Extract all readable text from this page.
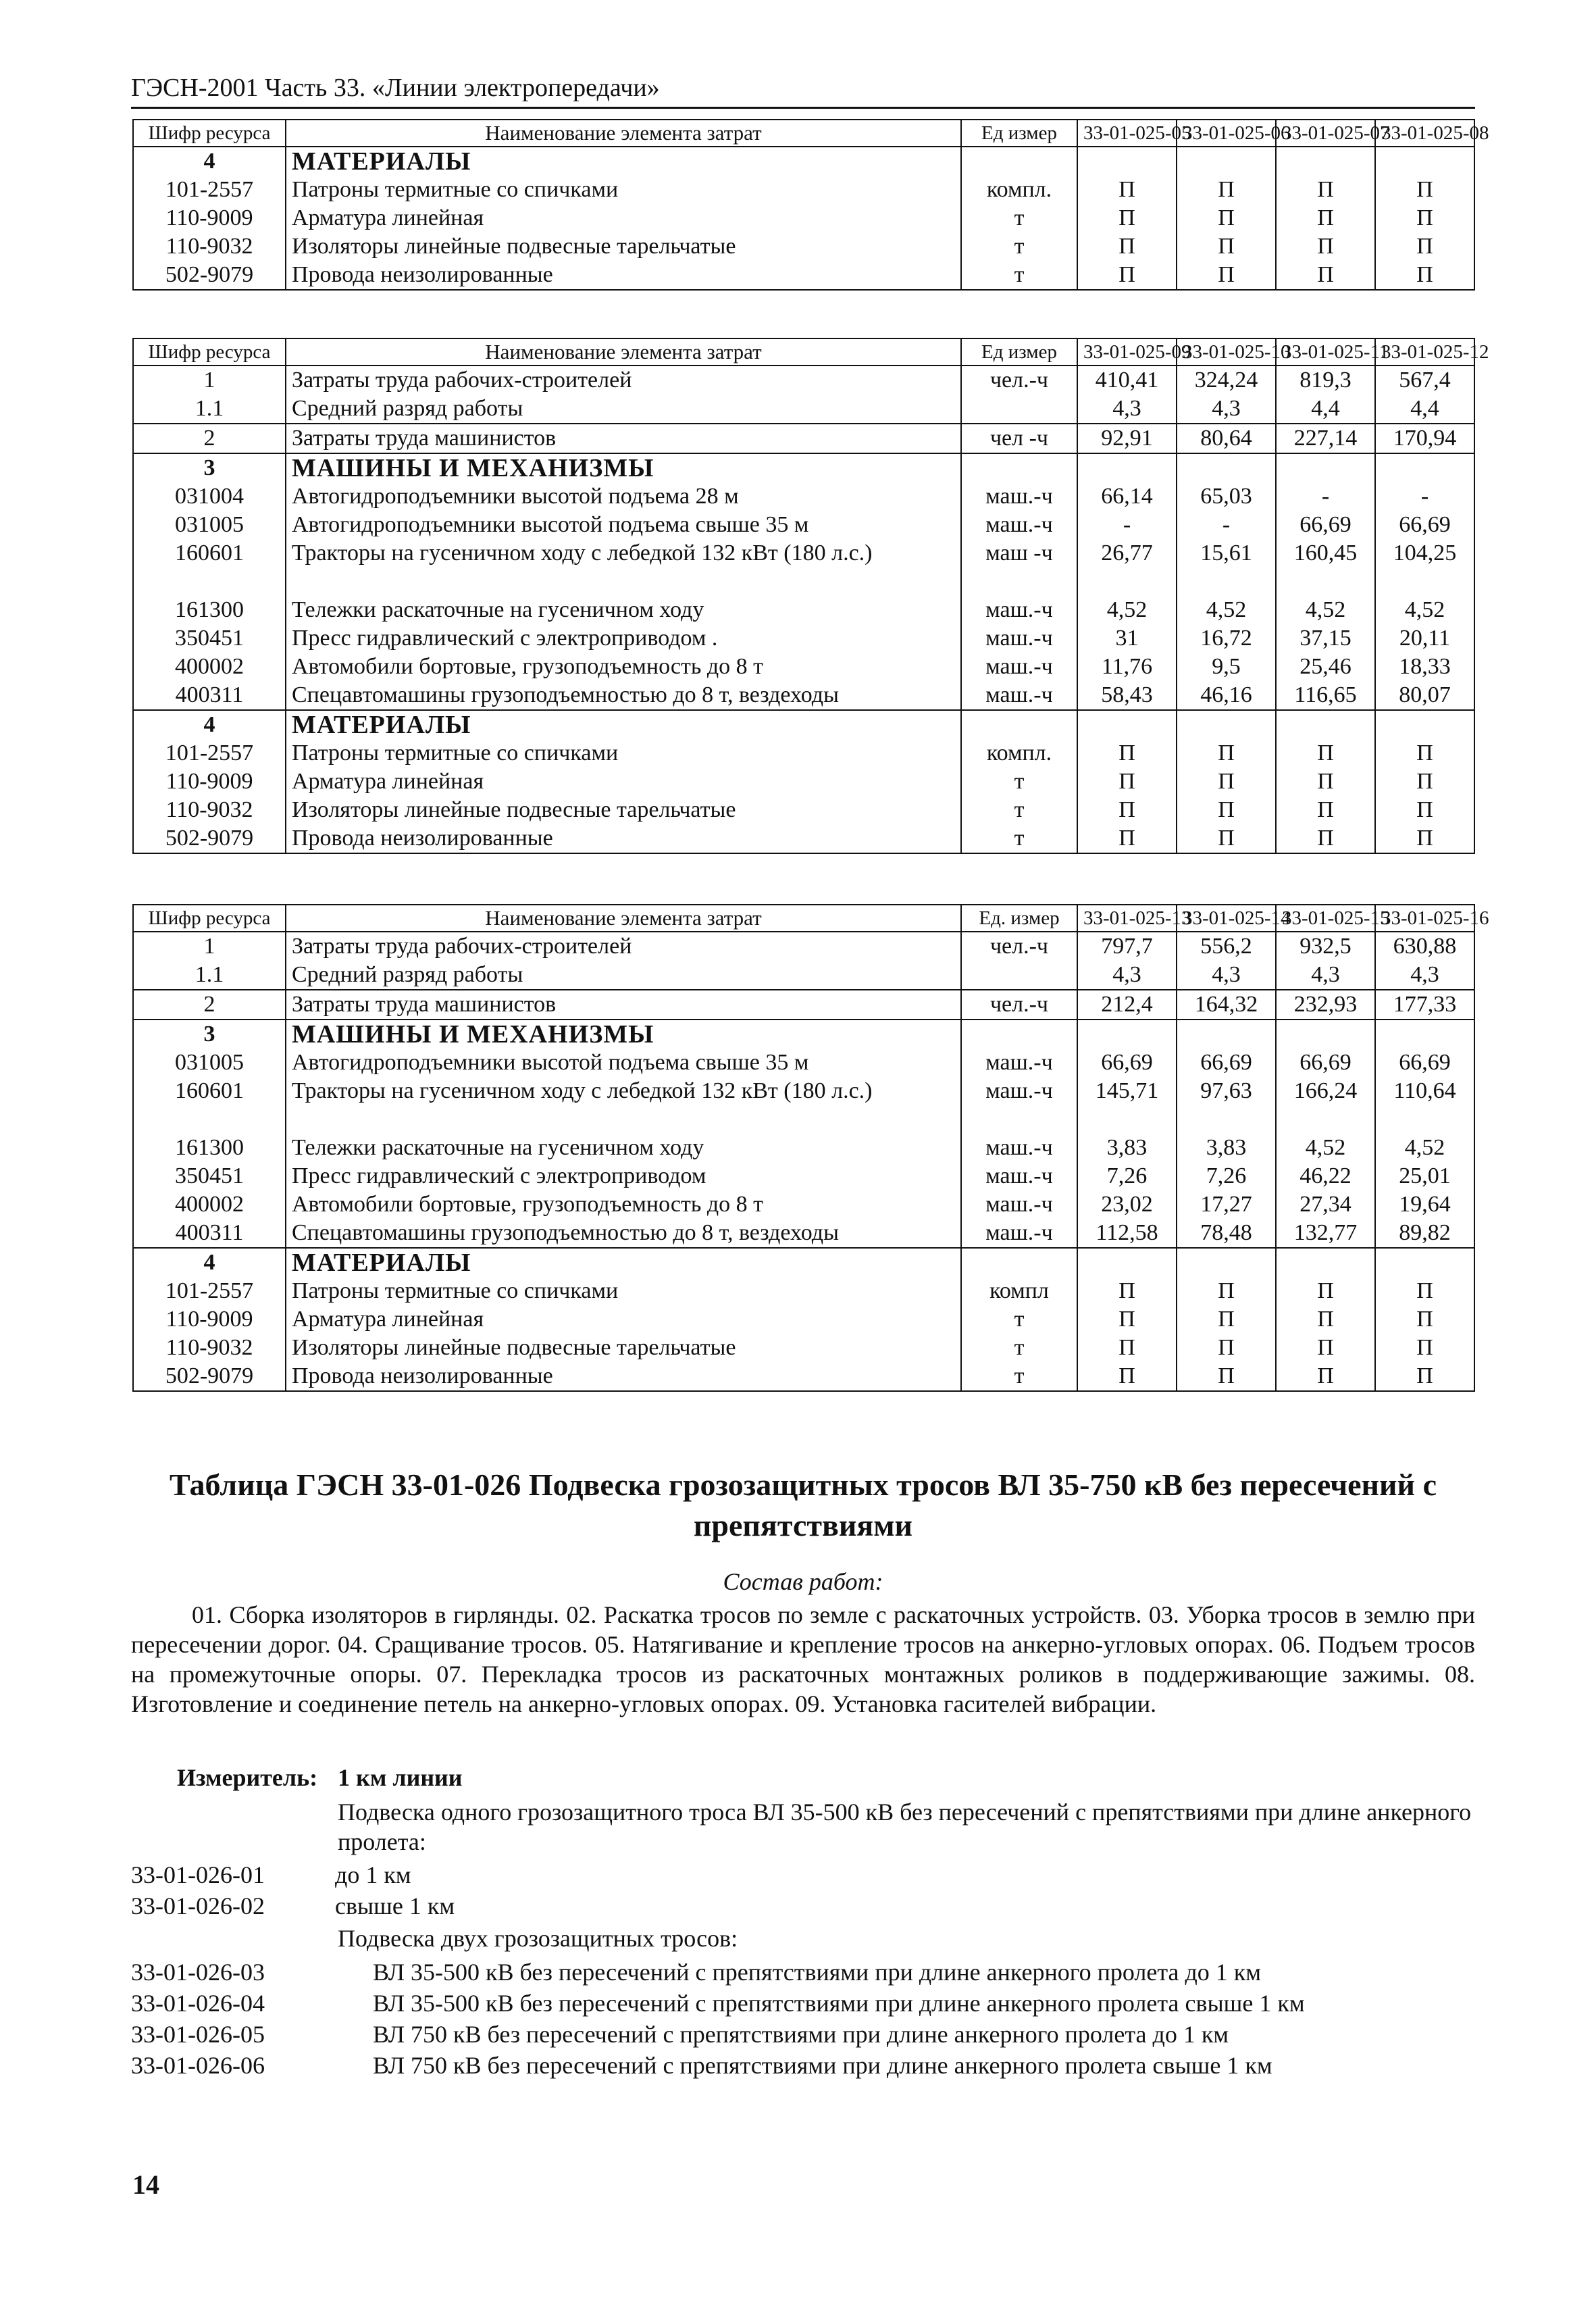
ГЭСН-2001 Часть 33. «Линии электропередачи»
Шифр ресурса	Наименование элемента затрат	Ед измер	33-01-025-05	33-01-025-06	33-01-025-07	33-01-025-08
4	МАТЕРИАЛЫ					
101-2557	Патроны термитные со спичками	компл.	П	П	П	П
110-9009	Арматура линейная	т	П	П	П	П
110-9032	Изоляторы линейные подвесные тарельчатые	т	П	П	П	П
502-9079	Провода неизолированные	т	П	П	П	П
Шифр ресурса	Наименование элемента затрат	Ед измер	33-01-025-09	33-01-025-10	33-01-025-11	33-01-025-12
1	Затраты труда рабочих-строителей	чел.-ч	410,41	324,24	819,3	567,4
1.1	Средний разряд работы		4,3	4,3	4,4	4,4
2	Затраты труда машинистов	чел -ч	92,91	80,64	227,14	170,94
3	МАШИНЫ И МЕХАНИЗМЫ					
031004	Автогидроподъемники высотой подъема 28 м	маш.-ч	66,14	65,03	-	-
031005	Автогидроподъемники высотой подъема свыше 35 м	маш.-ч	-	-	66,69	66,69
160601	Тракторы на гусеничном ходу с лебедкой 132 кВт (180 л.с.)	маш -ч	26,77	15,61	160,45	104,25
161300	Тележки раскаточные на гусеничном ходу	маш.-ч	4,52	4,52	4,52	4,52
350451	Пресс гидравлический с электроприводом .	маш.-ч	31	16,72	37,15	20,11
400002	Автомобили бортовые, грузоподъемность до 8 т	маш.-ч	11,76	9,5	25,46	18,33
400311	Спецавтомашины грузоподъемностью до 8 т, вездеходы	маш.-ч	58,43	46,16	116,65	80,07
4	МАТЕРИАЛЫ					
101-2557	Патроны термитные со спичками	компл.	П	П	П	П
110-9009	Арматура линейная	т	П	П	П	П
110-9032	Изоляторы линейные подвесные тарельчатые	т	П	П	П	П
502-9079	Провода неизолированные	т	П	П	П	П
Шифр ресурса	Наименование элемента затрат	Ед. измер	33-01-025-13	33-01-025-14	33-01-025-15	33-01-025-16
1	Затраты труда рабочих-строителей	чел.-ч	797,7	556,2	932,5	630,88
1.1	Средний разряд работы		4,3	4,3	4,3	4,3
2	Затраты труда машинистов	чел.-ч	212,4	164,32	232,93	177,33
3	МАШИНЫ И МЕХАНИЗМЫ					
031005	Автогидроподъемники высотой подъема свыше 35 м	маш.-ч	66,69	66,69	66,69	66,69
160601	Тракторы на гусеничном ходу с лебедкой 132 кВт (180 л.с.)	маш.-ч	145,71	97,63	166,24	110,64
161300	Тележки раскаточные на гусеничном ходу	маш.-ч	3,83	3,83	4,52	4,52
350451	Пресс гидравлический с электроприводом	маш.-ч	7,26	7,26	46,22	25,01
400002	Автомобили бортовые, грузоподъемность до 8 т	маш.-ч	23,02	17,27	27,34	19,64
400311	Спецавтомашины грузоподъемностью до 8 т, вездеходы	маш.-ч	112,58	78,48	132,77	89,82
4	МАТЕРИАЛЫ					
101-2557	Патроны термитные со спичками	компл	П	П	П	П
110-9009	Арматура линейная	т	П	П	П	П
110-9032	Изоляторы линейные подвесные тарельчатые	т	П	П	П	П
502-9079	Провода неизолированные	т	П	П	П	П
Таблица ГЭСН 33-01-026 Подвеска грозозащитных тросов ВЛ 35-750 кВ без пересечений с препятствиями
Состав работ:
01. Сборка изоляторов в гирлянды. 02. Раскатка тросов по земле с раскаточных устройств. 03. Уборка тросов в землю при пересечении дорог. 04. Сращивание тросов. 05. Натягивание и крепление тросов на анкерно-угловых опорах. 06. Подъем тросов на промежуточные опоры. 07. Перекладка тросов из раскаточных монтажных роликов в поддерживающие зажимы. 08. Изготовление и соединение петель на анкерно-угловых опорах. 09. Установка гасителей вибрации.
Измеритель: 1 км линии
Подвеска одного грозозащитного троса ВЛ 35-500 кВ без пересечений с препятствиями при длине анкерного пролета:
33-01-026-01	до 1 км
33-01-026-02	свыше 1 км
Подвеска двух грозозащитных тросов:
33-01-026-03	ВЛ 35-500 кВ без пересечений с препятствиями при длине анкерного пролета до 1 км
33-01-026-04	ВЛ 35-500 кВ без пересечений с препятствиями при длине анкерного пролета свыше 1 км
33-01-026-05	ВЛ 750 кВ без пересечений с препятствиями при длине анкерного пролета до 1 км
33-01-026-06	ВЛ 750 кВ без пересечений с препятствиями при длине анкерного пролета свыше 1 км
14
